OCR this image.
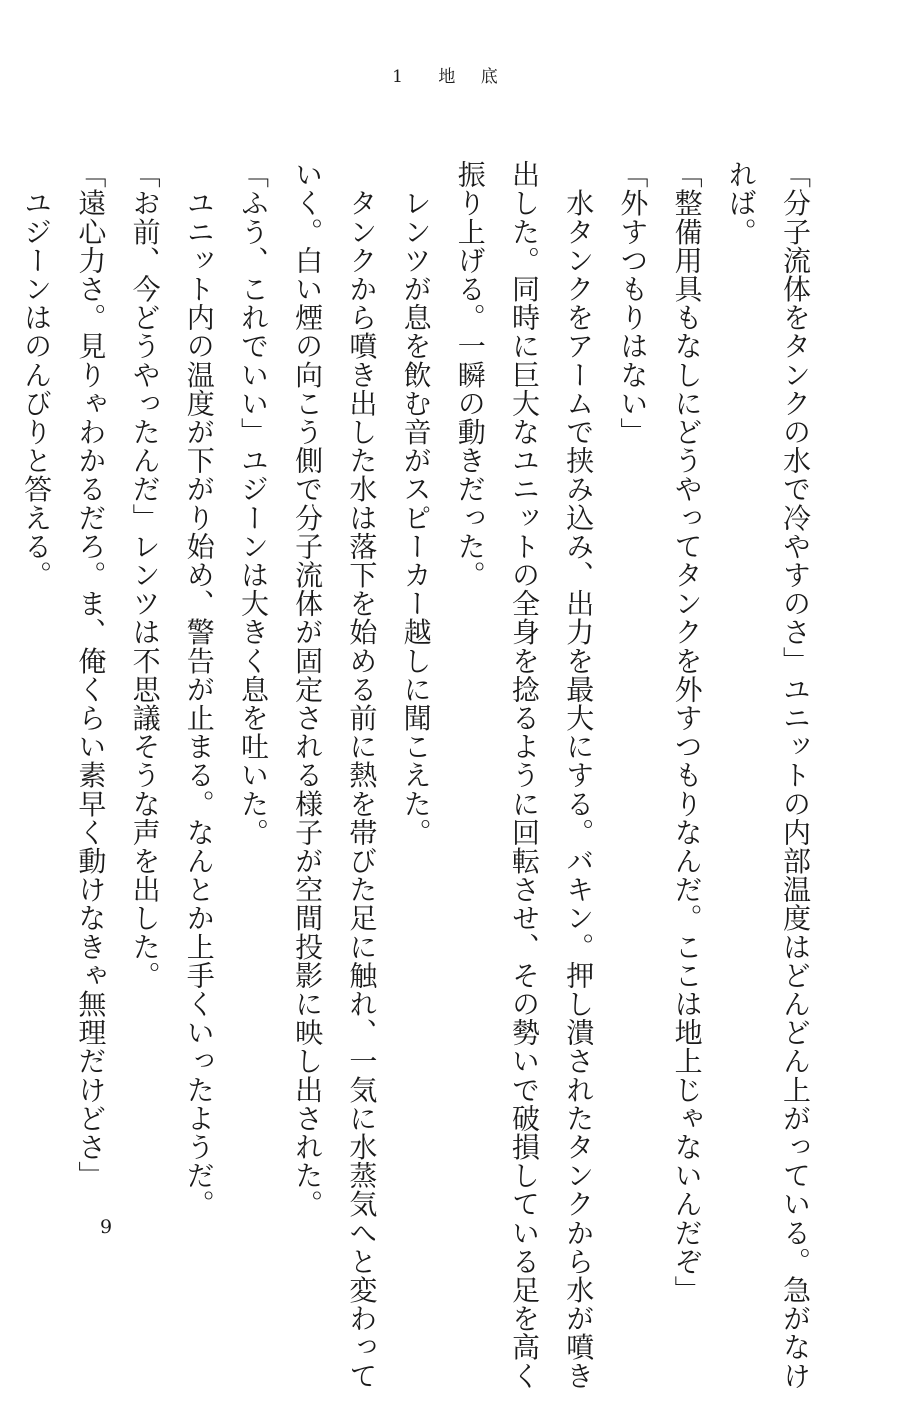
1 地 底
「分子流体をタンクの水で冷やすのさ」ユニットの内部温度はどんどん上がっている。急がなけ
れば。
「整備用具もなしにどうやってタンクを外すつもりなんだ。ここは地上じゃないんだぞ」
「外すつもりはない」
　水タンクをアームで挟み込み、出力を最大にする。バキン。押し潰されたタンクから水が噴き
出した。同時に巨大なユニットの全身を捻るように回転させ、その勢いで破損している足を高く
振り上げる。一瞬の動きだった。
　レンツが息を飲む音がスピーカー越しに聞こえた。
　タンクから噴き出した水は落下を始める前に熱を帯びた足に触れ、一気に水蒸気へと変わって
いく。白い煙の向こう側で分子流体が固定される様子が空間投影に映し出された。
「ふう、これでいい」ユジーンは大きく息を吐いた。
　ユニット内の温度が下がり始め、警告が止まる。なんとか上手くいったようだ。
「お前、今どうやったんだ」レンツは不思議そうな声を出した。
「遠心力さ。見りゃわかるだろ。ま、俺くらい素早く動けなきゃ無理だけどさ」
　ユジーンはのんびりと答える。
9
